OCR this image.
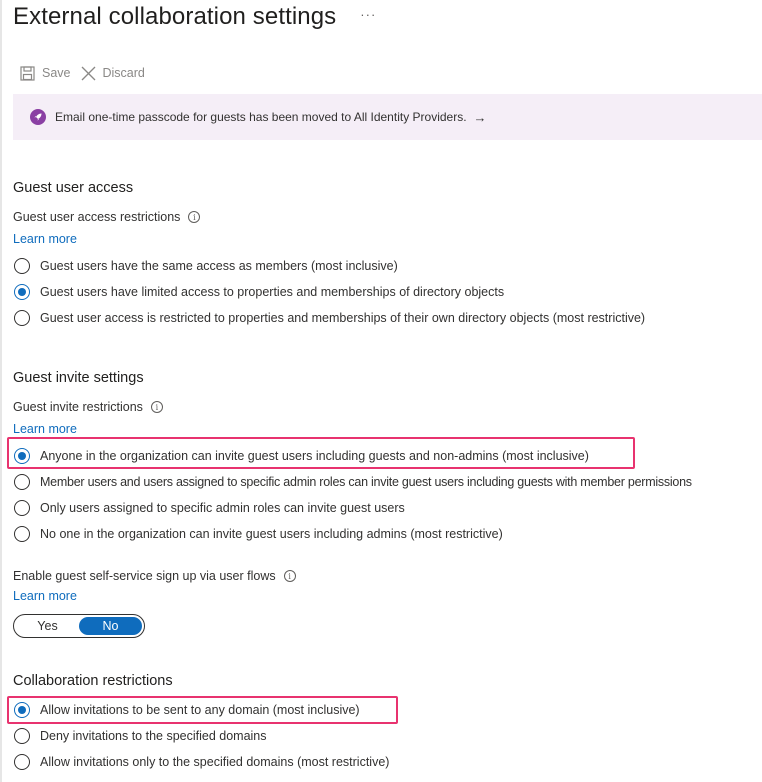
External collaboration settings ···
Save	Discard
Email one-time passcode for guests has been moved to All Identity Providers. →
Guest user access
Guest user access restrictions	i
Learn more
Guest users have the same access as members (most inclusive)
Guest users have limited access to properties and memberships of directory objects
Guest user access is restricted to properties and memberships of their own directory objects (most restrictive)
Guest invite settings
Guest invite restrictions	i
Learn more
Anyone in the organization can invite guest users including guests and non-admins (most inclusive)
Member users and users assigned to specific admin roles can invite guest users including guests with member permissions
Only users assigned to specific admin roles can invite guest users
No one in the organization can invite guest users including admins (most restrictive)
Enable guest self-service sign up via user flows	i
Learn more
Yes	No
Collaboration restrictions
Allow invitations to be sent to any domain (most inclusive)
Deny invitations to the specified domains
Allow invitations only to the specified domains (most restrictive)
